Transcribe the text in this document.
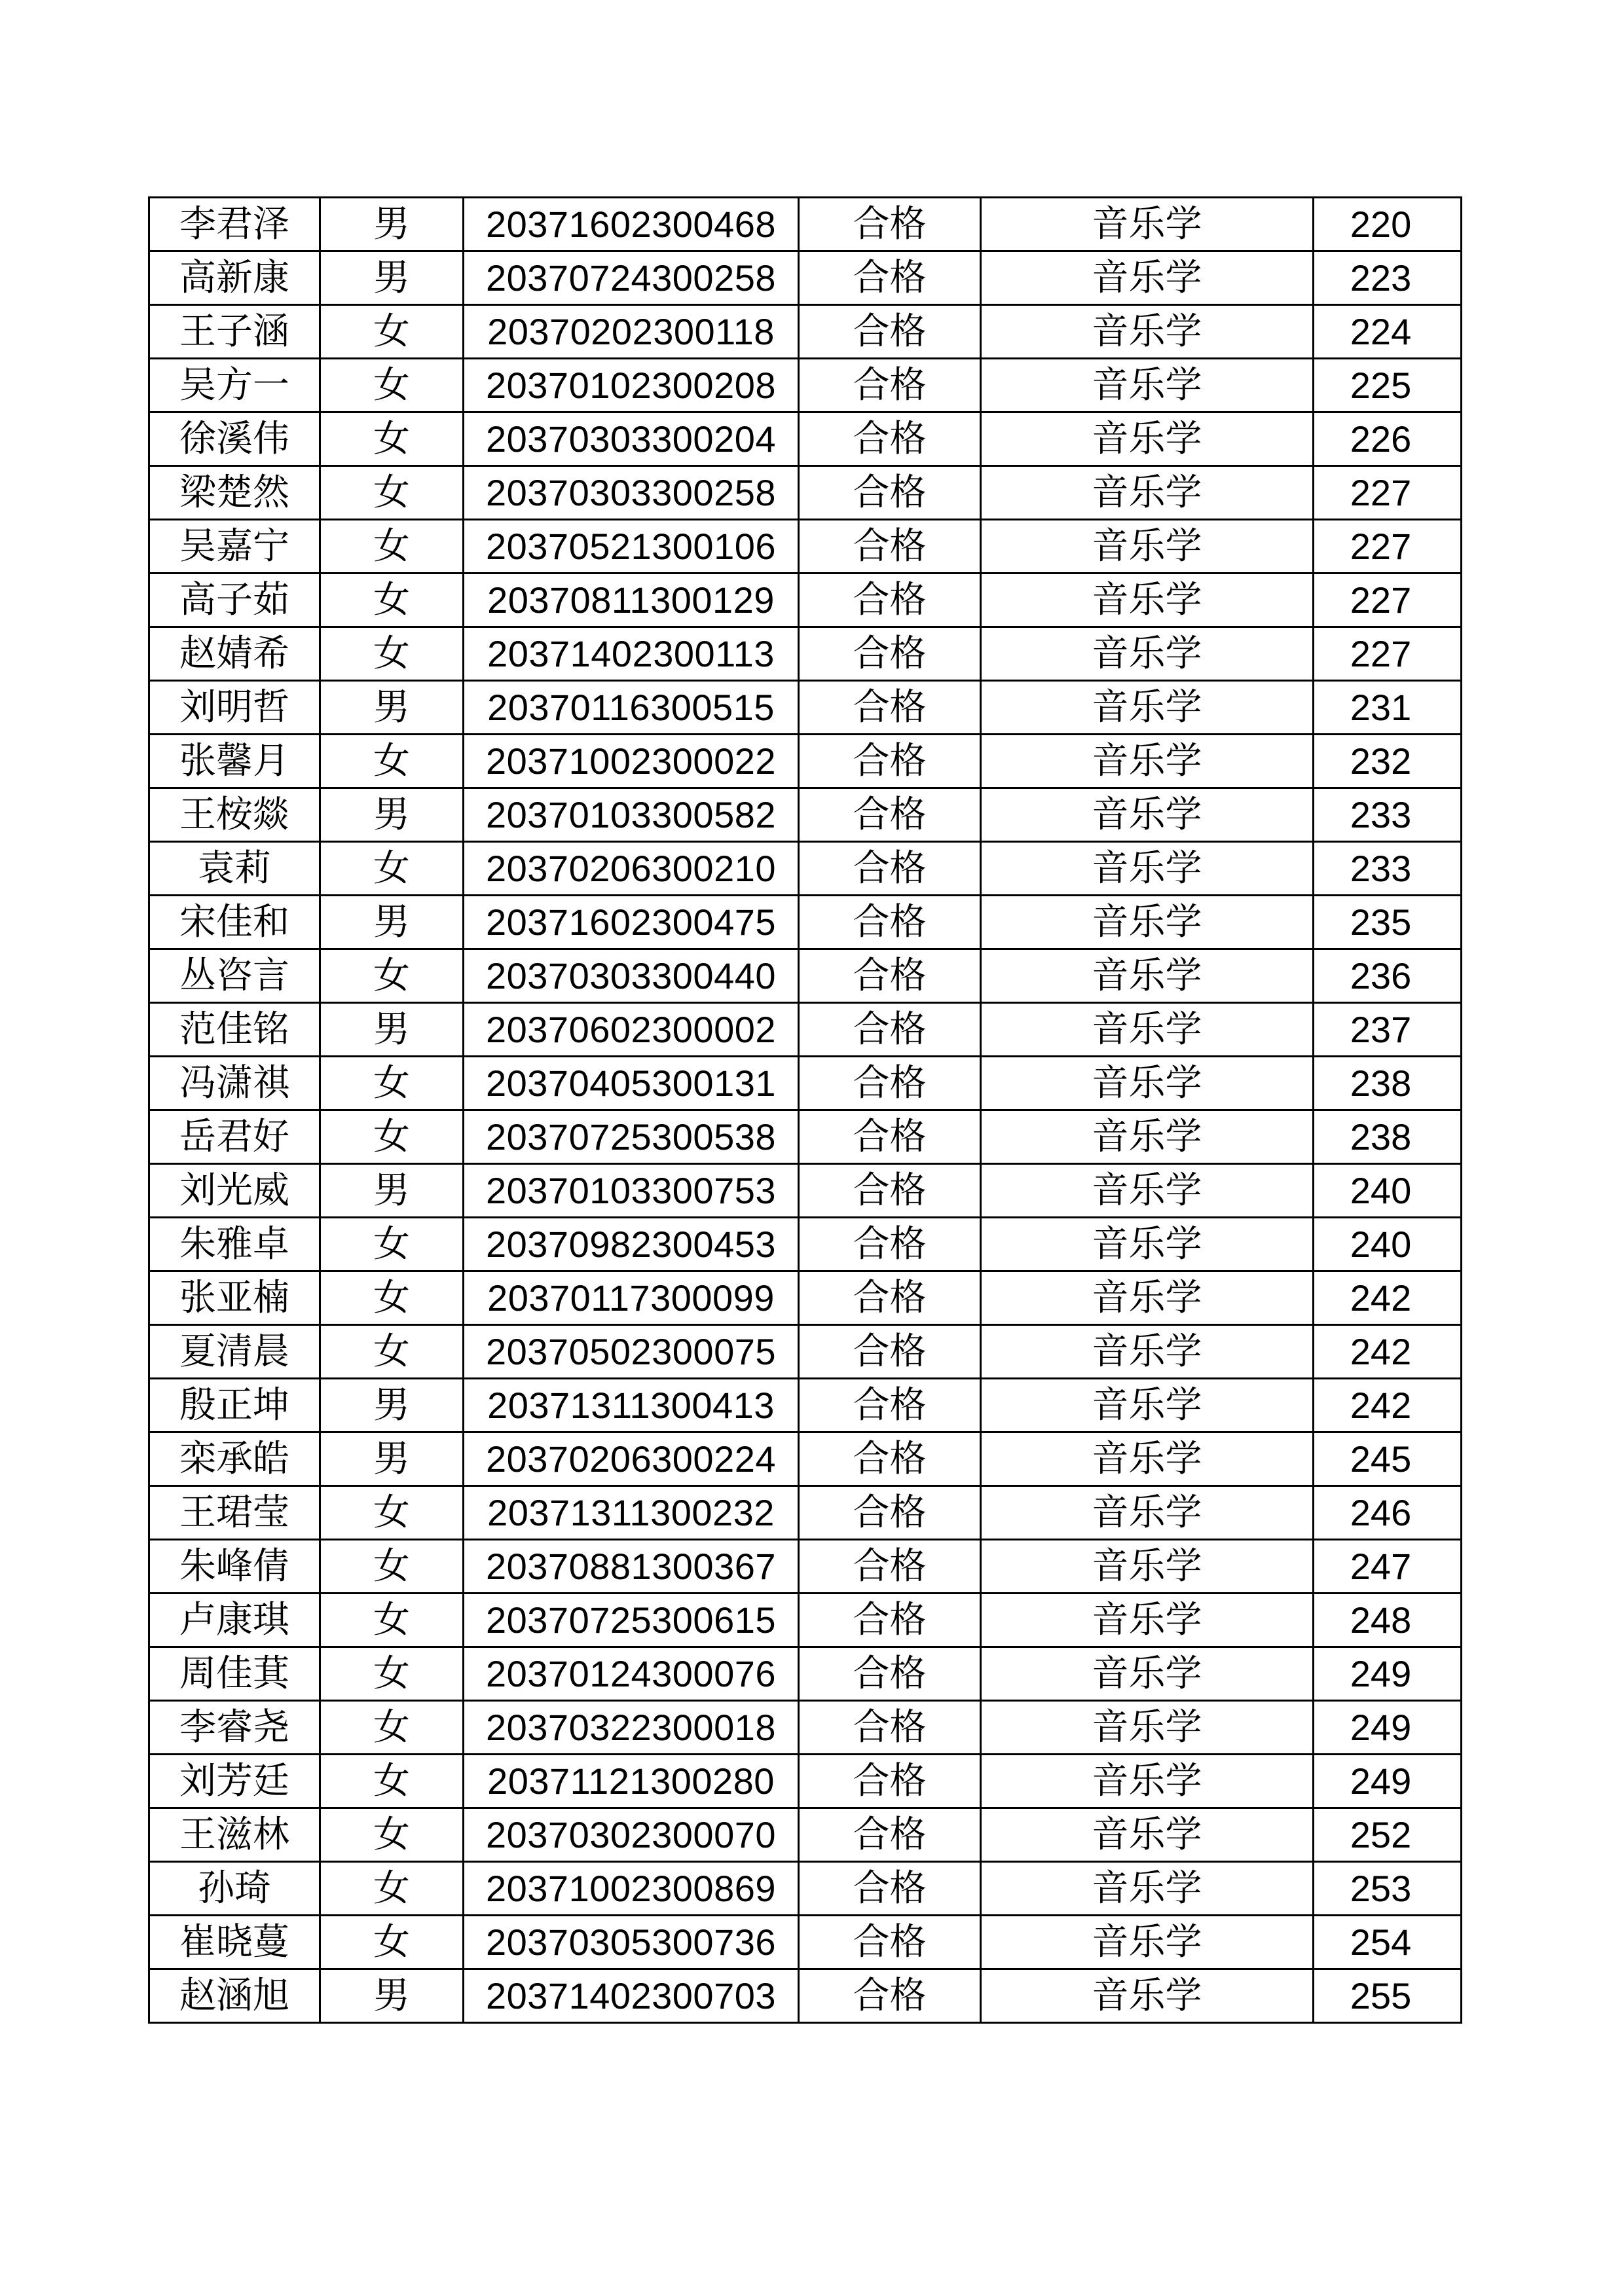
李君泽	男	20371602300468	合格	音乐学	220
高新康	男	20370724300258	合格	音乐学	223
王子涵	女	20370202300118	合格	音乐学	224
吴方一	女	20370102300208	合格	音乐学	225
徐溪伟	女	20370303300204	合格	音乐学	226
梁楚然	女	20370303300258	合格	音乐学	227
吴嘉宁	女	20370521300106	合格	音乐学	227
高子茹	女	20370811300129	合格	音乐学	227
赵婧希	女	20371402300113	合格	音乐学	227
刘明哲	男	20370116300515	合格	音乐学	231
张馨月	女	20371002300022	合格	音乐学	232
王桉燚	男	20370103300582	合格	音乐学	233
袁莉	女	20370206300210	合格	音乐学	233
宋佳和	男	20371602300475	合格	音乐学	235
丛咨言	女	20370303300440	合格	音乐学	236
范佳铭	男	20370602300002	合格	音乐学	237
冯潇祺	女	20370405300131	合格	音乐学	238
岳君好	女	20370725300538	合格	音乐学	238
刘光威	男	20370103300753	合格	音乐学	240
朱雅卓	女	20370982300453	合格	音乐学	240
张亚楠	女	20370117300099	合格	音乐学	242
夏清晨	女	20370502300075	合格	音乐学	242
殷正坤	男	20371311300413	合格	音乐学	242
栾承皓	男	20370206300224	合格	音乐学	245
王珺莹	女	20371311300232	合格	音乐学	246
朱峰倩	女	20370881300367	合格	音乐学	247
卢康琪	女	20370725300615	合格	音乐学	248
周佳萁	女	20370124300076	合格	音乐学	249
李睿尧	女	20370322300018	合格	音乐学	249
刘芳廷	女	20371121300280	合格	音乐学	249
王滋林	女	20370302300070	合格	音乐学	252
孙琦	女	20371002300869	合格	音乐学	253
崔晓蔓	女	20370305300736	合格	音乐学	254
赵涵旭	男	20371402300703	合格	音乐学	255
